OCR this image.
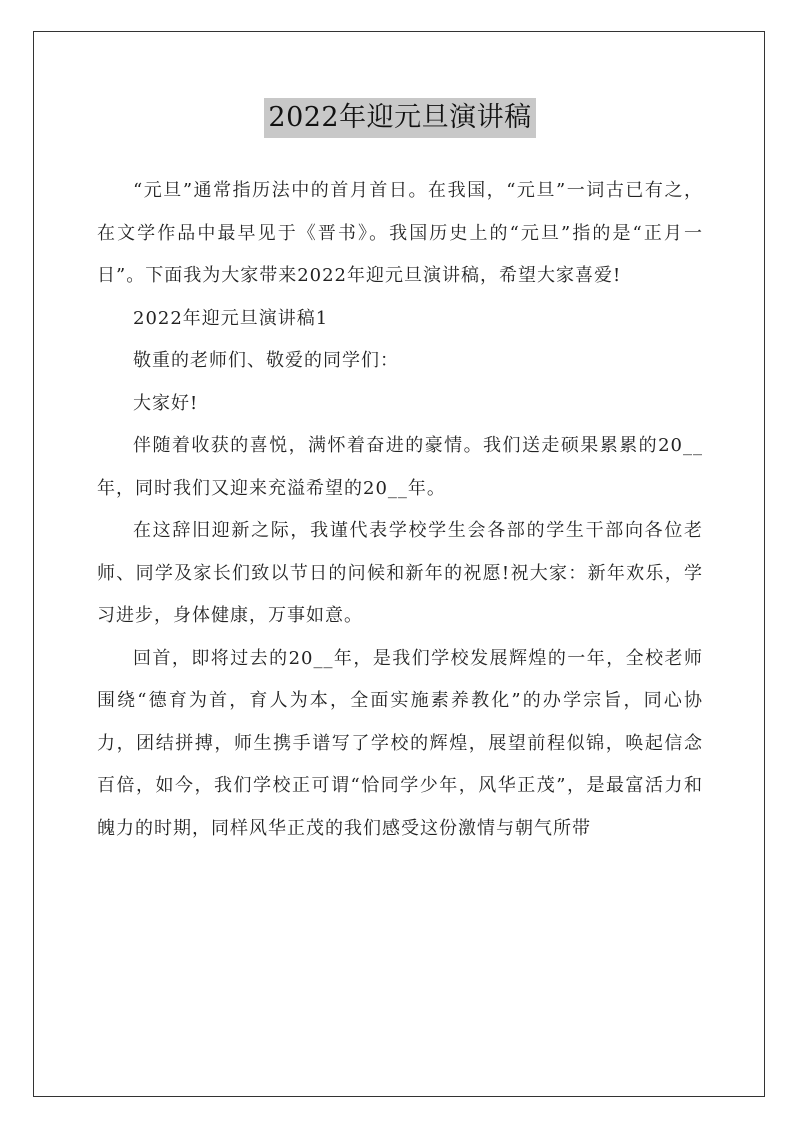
2022年迎元旦演讲稿

“元旦”通常指历法中的首月首日。在我国，“元旦”一词古已有之，在文学作品中最早见于《晋书》。我国历史上的“元旦”指的是“正月一日”。下面我为大家带来2022年迎元旦演讲稿，希望大家喜爱!

2022年迎元旦演讲稿1

敬重的老师们、敬爱的同学们：

大家好!

伴随着收获的喜悦，满怀着奋进的豪情。我们送走硕果累累的20__年，同时我们又迎来充溢希望的20__年。

在这辞旧迎新之际，我谨代表学校学生会各部的学生干部向各位老师、同学及家长们致以节日的问候和新年的祝愿!祝大家：新年欢乐，学习进步，身体健康，万事如意。

回首，即将过去的20__年，是我们学校发展辉煌的一年，全校老师围绕“德育为首，育人为本，全面实施素养教化”的办学宗旨，同心协力，团结拼搏，师生携手谱写了学校的辉煌，展望前程似锦，唤起信念百倍，如今，我们学校正可谓“恰同学少年，风华正茂”，是最富活力和魄力的时期，同样风华正茂的我们感受这份激情与朝气所带
